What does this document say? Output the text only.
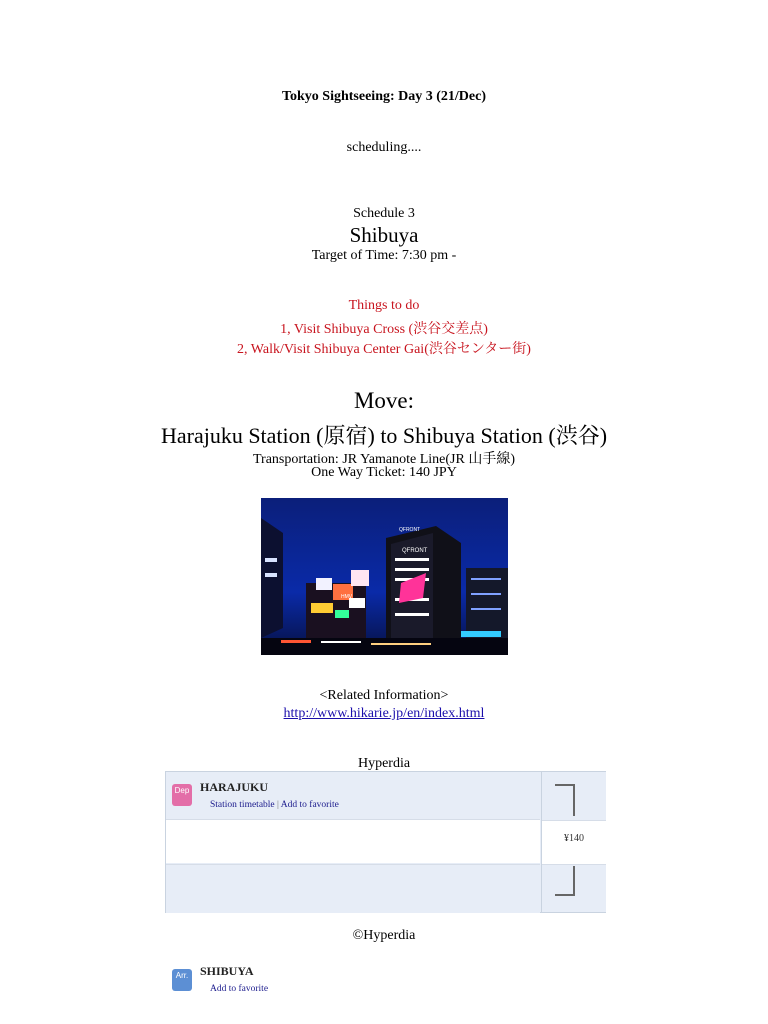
Tokyo Sightseeing: Day 3 (21/Dec)
scheduling....
Schedule 3
Shibuya
Target of Time: 7:30 pm -
Things to do
1, Visit Shibuya Cross (渋谷交差点)
2, Walk/Visit Shibuya Center Gai(渋谷センター街)
Move:
Harajuku Station (原宿) to Shibuya Station (渋谷)
Transportation: JR Yamanote Line(JR 山手線)
One Way Ticket: 140 JPY
QFRONT
QFRONT
HMV
<Related Information>
http://www.hikarie.jp/en/index.html
Hyperdia
Dep HARAJUKU
Station timetable | Add to favorite
Arr. SHIBUYA
Add to favorite
¥140
©Hyperdia
